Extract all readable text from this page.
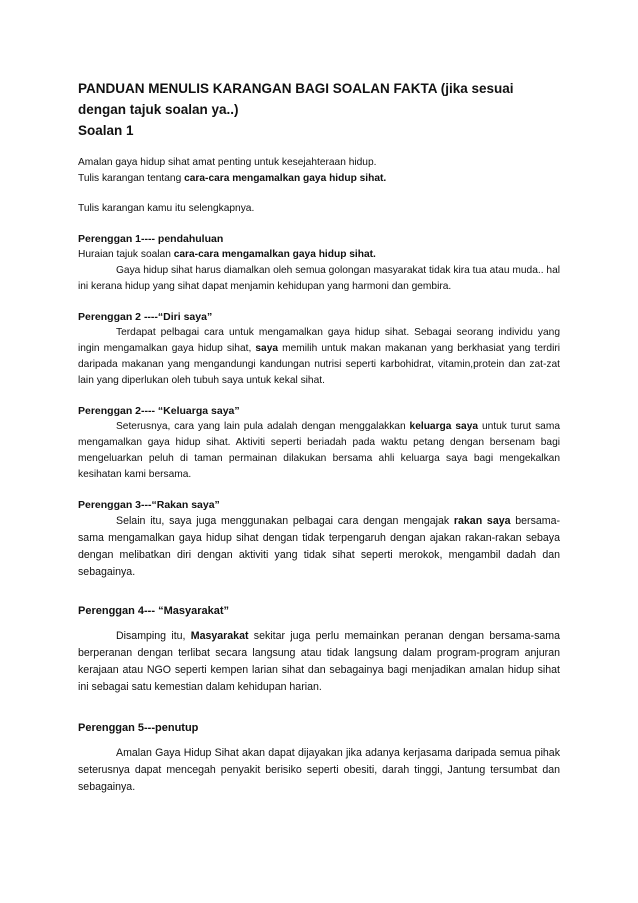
PANDUAN MENULIS KARANGAN BAGI SOALAN FAKTA (jika sesuai dengan tajuk soalan ya..)
Soalan 1

Amalan gaya hidup sihat amat penting untuk kesejahteraan hidup.

Tulis karangan tentang cara-cara mengamalkan gaya hidup sihat.

Tulis karangan kamu itu selengkapnya.

Perenggan 1---- pendahuluan

Huraian tajuk soalan cara-cara mengamalkan gaya hidup sihat.

Gaya hidup sihat harus diamalkan oleh semua golongan masyarakat tidak kira tua atau muda.. hal ini kerana hidup yang sihat dapat menjamin kehidupan yang harmoni dan gembira.

Perenggan 2 ----“Diri saya”

Terdapat pelbagai cara untuk mengamalkan gaya hidup sihat. Sebagai seorang individu yang ingin mengamalkan gaya hidup sihat, saya memilih untuk makan makanan yang berkhasiat yang terdiri daripada makanan yang mengandungi kandungan nutrisi seperti karbohidrat, vitamin,protein dan zat-zat lain yang diperlukan oleh tubuh saya untuk kekal sihat.

Perenggan 2---- “Keluarga saya”

Seterusnya, cara yang lain pula adalah dengan menggalakkan keluarga saya untuk turut sama mengamalkan gaya hidup sihat. Aktiviti seperti beriadah pada waktu petang dengan bersenam bagi mengeluarkan peluh di taman permainan dilakukan bersama ahli keluarga saya bagi mengekalkan kesihatan kami bersama.

Perenggan 3---“Rakan saya”

Selain itu, saya juga menggunakan pelbagai cara dengan mengajak rakan saya bersama-sama mengamalkan gaya hidup sihat dengan tidak terpengaruh dengan ajakan rakan-rakan sebaya dengan melibatkan diri dengan aktiviti yang tidak sihat seperti merokok, mengambil dadah dan sebagainya.

Perenggan 4--- “Masyarakat”

Disamping itu, Masyarakat sekitar juga perlu memainkan peranan dengan bersama-sama berperanan dengan terlibat secara langsung atau tidak langsung dalam program-program anjuran kerajaan atau NGO seperti kempen larian sihat dan sebagainya bagi menjadikan amalan hidup sihat ini sebagai satu kemestian dalam kehidupan harian.

Perenggan 5---penutup

Amalan Gaya Hidup Sihat akan dapat dijayakan jika adanya kerjasama daripada semua pihak seterusnya dapat mencegah penyakit berisiko seperti obesiti, darah tinggi, Jantung tersumbat dan sebagainya.
